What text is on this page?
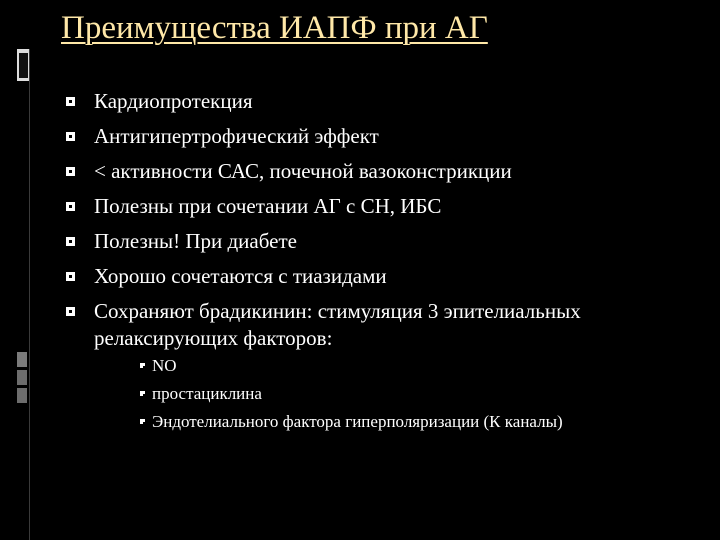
Преимущества ИАПФ при АГ
Кардиопротекция
Антигипертрофический эффект
< активности САС, почечной вазоконстрикции
Полезны при сочетании АГ с СН, ИБС
Полезны! При диабете
Хорошо сочетаются с тиазидами
Сохраняют брадикинин: стимуляция 3 эпителиальных релаксирующих факторов:
NO
простациклина
Эндотелиального фактора гиперполяризации (К каналы)
